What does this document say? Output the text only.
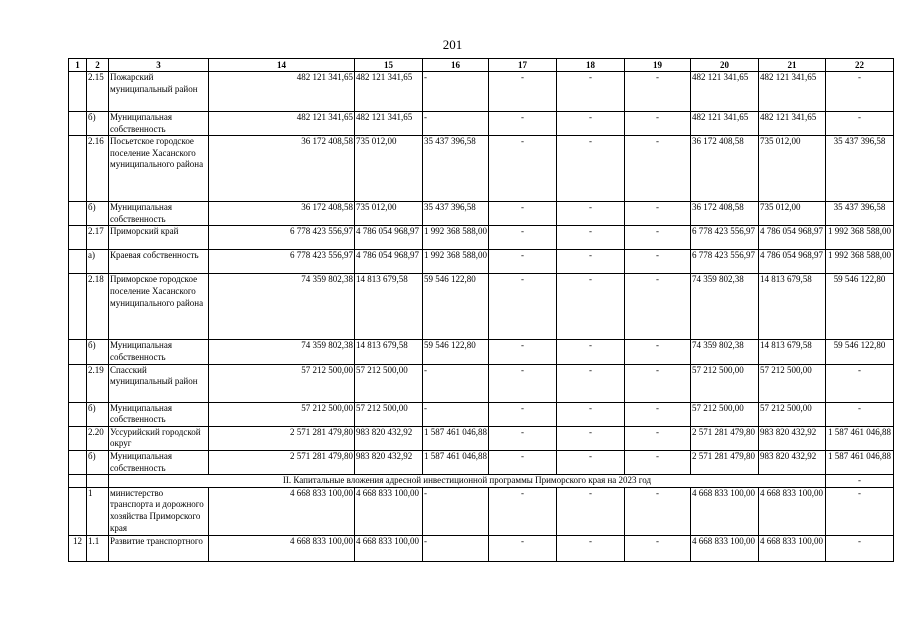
201
1	2	3	14	15	16	17	18	19	20	21	22
	2.15	Пожарский муниципальный район	482 121 341,65	482 121 341,65	-	-	-	-	482 121 341,65	482 121 341,65	-
	б)	Муниципальная собственность	482 121 341,65	482 121 341,65	-	-	-	-	482 121 341,65	482 121 341,65	-
	2.16	Посьетское городское поселение Хасанского муниципального района	36 172 408,58	735 012,00	35 437 396,58	-	-	-	36 172 408,58	735 012,00	35 437 396,58
	б)	Муниципальная собственность	36 172 408,58	735 012,00	35 437 396,58	-	-	-	36 172 408,58	735 012,00	35 437 396,58
	2.17	Приморский край	6 778 423 556,97	4 786 054 968,97	1 992 368 588,00	-	-	-	6 778 423 556,97	4 786 054 968,97	1 992 368 588,00
	а)	Краевая собственность	6 778 423 556,97	4 786 054 968,97	1 992 368 588,00	-	-	-	6 778 423 556,97	4 786 054 968,97	1 992 368 588,00
	2.18	Приморское городское поселение Хасанского муниципального района	74 359 802,38	14 813 679,58	59 546 122,80	-	-	-	74 359 802,38	14 813 679,58	59 546 122,80
	б)	Муниципальная собственность	74 359 802,38	14 813 679,58	59 546 122,80	-	-	-	74 359 802,38	14 813 679,58	59 546 122,80
	2.19	Спасский муниципальный район	57 212 500,00	57 212 500,00	-	-	-	-	57 212 500,00	57 212 500,00	-
	б)	Муниципальная собственность	57 212 500,00	57 212 500,00	-	-	-	-	57 212 500,00	57 212 500,00	-
	2.20	Уссурийский городской округ	2 571 281 479,80	983 820 432,92	1 587 461 046,88	-	-	-	2 571 281 479,80	983 820 432,92	1 587 461 046,88
	б)	Муниципальная собственность	2 571 281 479,80	983 820 432,92	1 587 461 046,88	-	-	-	2 571 281 479,80	983 820 432,92	1 587 461 046,88
		II. Капитальные вложения адресной инвестиционной программы Приморского края на 2023 год									-
	1	министерство транспорта и дорожного хозяйства Приморского края	4 668 833 100,00	4 668 833 100,00	-	-	-	-	4 668 833 100,00	4 668 833 100,00	-
12	1.1	Развитие транспортного	4 668 833 100,00	4 668 833 100,00	-	-	-	-	4 668 833 100,00	4 668 833 100,00	-
